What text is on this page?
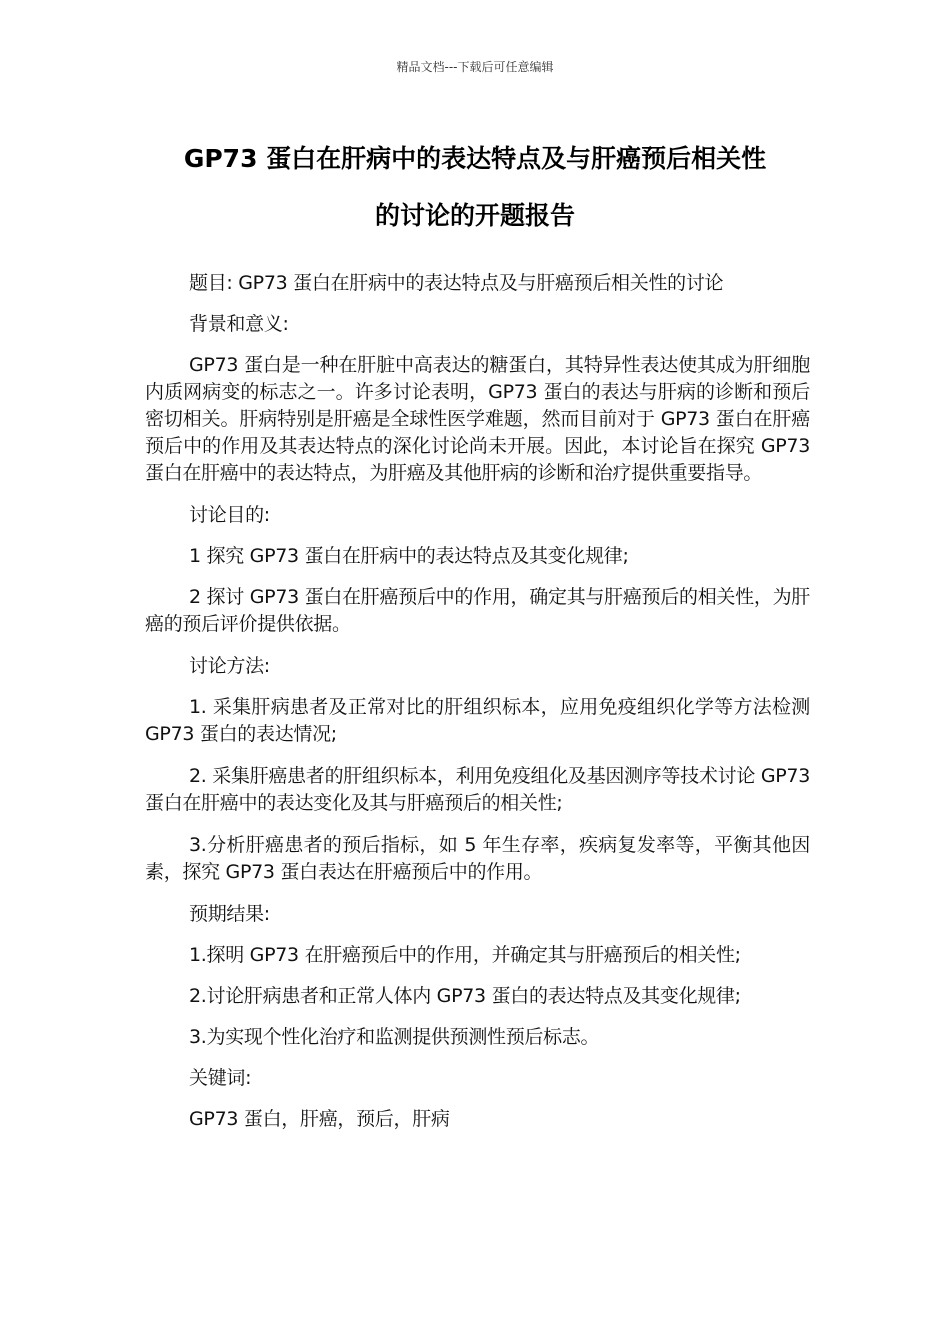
精品文档---下载后可任意编辑
GP73 蛋白在肝病中的表达特点及与肝癌预后相关性
的讨论的开题报告

题目: GP73 蛋白在肝病中的表达特点及与肝癌预后相关性的讨论

背景和意义:

GP73 蛋白是一种在肝脏中高表达的糖蛋白，其特异性表达使其成为肝细胞内质网病变的标志之一。许多讨论表明，GP73 蛋白的表达与肝病的诊断和预后密切相关。肝病特别是肝癌是全球性医学难题，然而目前对于 GP73 蛋白在肝癌预后中的作用及其表达特点的深化讨论尚未开展。因此，本讨论旨在探究 GP73 蛋白在肝癌中的表达特点，为肝癌及其他肝病的诊断和治疗提供重要指导。

讨论目的:

1 探究 GP73 蛋白在肝病中的表达特点及其变化规律;

2 探讨 GP73 蛋白在肝癌预后中的作用，确定其与肝癌预后的相关性，为肝癌的预后评价提供依据。

讨论方法:

1. 采集肝病患者及正常对比的肝组织标本，应用免疫组织化学等方法检测 GP73 蛋白的表达情况;

2. 采集肝癌患者的肝组织标本，利用免疫组化及基因测序等技术讨论 GP73 蛋白在肝癌中的表达变化及其与肝癌预后的相关性;

3.分析肝癌患者的预后指标，如 5 年生存率，疾病复发率等，平衡其他因素，探究 GP73 蛋白表达在肝癌预后中的作用。

预期结果:

1.探明 GP73 在肝癌预后中的作用，并确定其与肝癌预后的相关性;

2.讨论肝病患者和正常人体内 GP73 蛋白的表达特点及其变化规律;

3.为实现个性化治疗和监测提供预测性预后标志。

关键词:

GP73 蛋白，肝癌，预后，肝病
